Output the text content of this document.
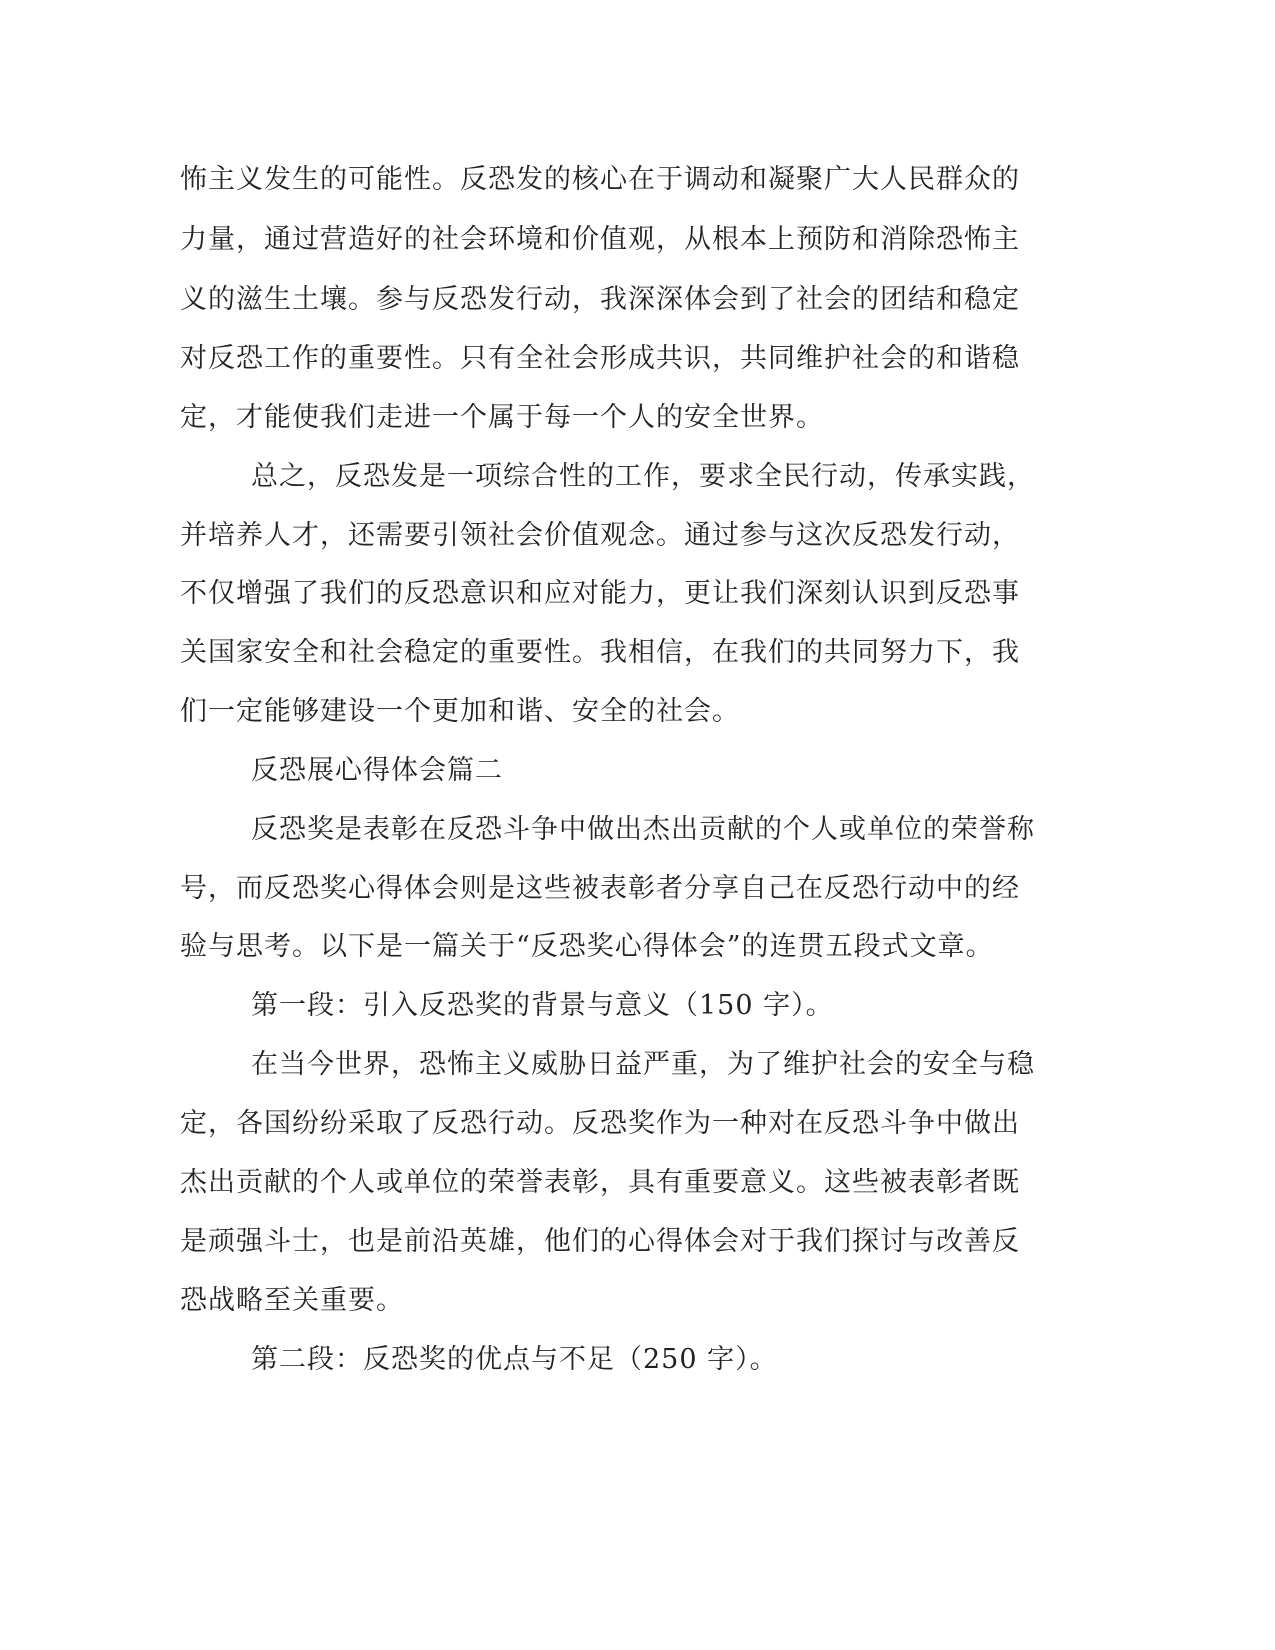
怖主义发生的可能性。反恐发的核心在于调动和凝聚广大人民群众的

力量，通过营造好的社会环境和价值观，从根本上预防和消除恐怖主

义的滋生土壤。参与反恐发行动，我深深体会到了社会的团结和稳定

对反恐工作的重要性。只有全社会形成共识，共同维护社会的和谐稳

定，才能使我们走进一个属于每一个人的安全世界。

总之，反恐发是一项综合性的工作，要求全民行动，传承实践，

并培养人才，还需要引领社会价值观念。通过参与这次反恐发行动，

不仅增强了我们的反恐意识和应对能力，更让我们深刻认识到反恐事

关国家安全和社会稳定的重要性。我相信，在我们的共同努力下，我

们一定能够建设一个更加和谐、安全的社会。

反恐展心得体会篇二

反恐奖是表彰在反恐斗争中做出杰出贡献的个人或单位的荣誉称

号，而反恐奖心得体会则是这些被表彰者分享自己在反恐行动中的经

验与思考。以下是一篇关于“反恐奖心得体会”的连贯五段式文章。

第一段：引入反恐奖的背景与意义（150 字）。

在当今世界，恐怖主义威胁日益严重，为了维护社会的安全与稳

定，各国纷纷采取了反恐行动。反恐奖作为一种对在反恐斗争中做出

杰出贡献的个人或单位的荣誉表彰，具有重要意义。这些被表彰者既

是顽强斗士，也是前沿英雄，他们的心得体会对于我们探讨与改善反

恐战略至关重要。

第二段：反恐奖的优点与不足（250 字）。
